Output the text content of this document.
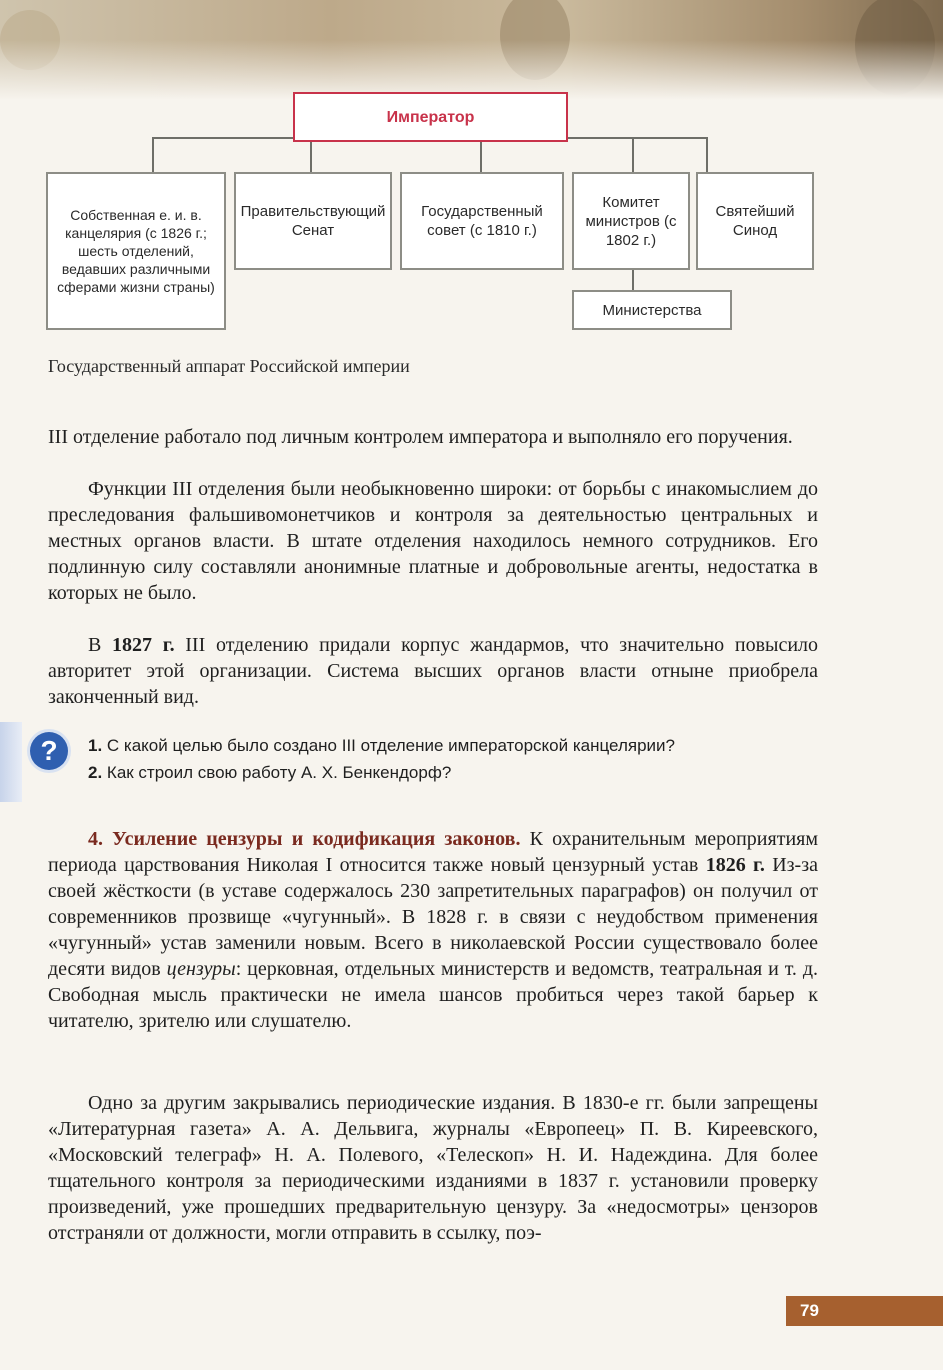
Император
Собственная е. и. в. канцелярия (с 1826 г.; шесть отделений, ведавших различными сферами жизни страны)
Правительствующий Сенат
Государственный совет (с 1810 г.)
Комитет министров (с 1802 г.)
Святейший Синод
Министерства
Государственный аппарат Российской империи

III отделение работало под личным контролем императора и выполняло его поручения.

Функции III отделения были необыкновенно широки: от борьбы с инакомыслием до преследования фальшивомонетчиков и контроля за деятельностью центральных и местных органов власти. В штате отделения находилось немного сотрудников. Его подлинную силу составляли анонимные платные и добровольные агенты, недостатка в которых не было.

В 1827 г. III отделению придали корпус жандармов, что значительно повысило авторитет этой организации. Система высших органов власти отныне приобрела законченный вид.

?	1. С какой целью было создано III отделение императорской канцелярии?

2. Как строил свою работу А. Х. Бенкендорф?

4. Усиление цензуры и кодификация законов. К охранительным мероприятиям периода царствования Николая I относится также новый цензурный устав 1826 г. Из-за своей жёсткости (в уставе содержалось 230 запретительных параграфов) он получил от современников прозвище «чугунный». В 1828 г. в связи с неудобством применения «чугунный» устав заменили новым. Всего в николаевской России существовало более десяти видов цензуры: церковная, отдельных министерств и ведомств, театральная и т. д. Свободная мысль практически не имела шансов пробиться через такой барьер к читателю, зрителю или слушателю.

Одно за другим закрывались периодические издания. В 1830-е гг. были запрещены «Литературная газета» А. А. Дельвига, журналы «Европеец» П. В. Киреевского, «Московский телеграф» Н. А. Полевого, «Телескоп» Н. И. Надеждина. Для более тщательного контроля за периодическими изданиями в 1837 г. установили проверку произведений, уже прошедших предварительную цензуру. За «недосмотры» цензоров отстраняли от должности, могли отправить в ссылку, поэ-

79
